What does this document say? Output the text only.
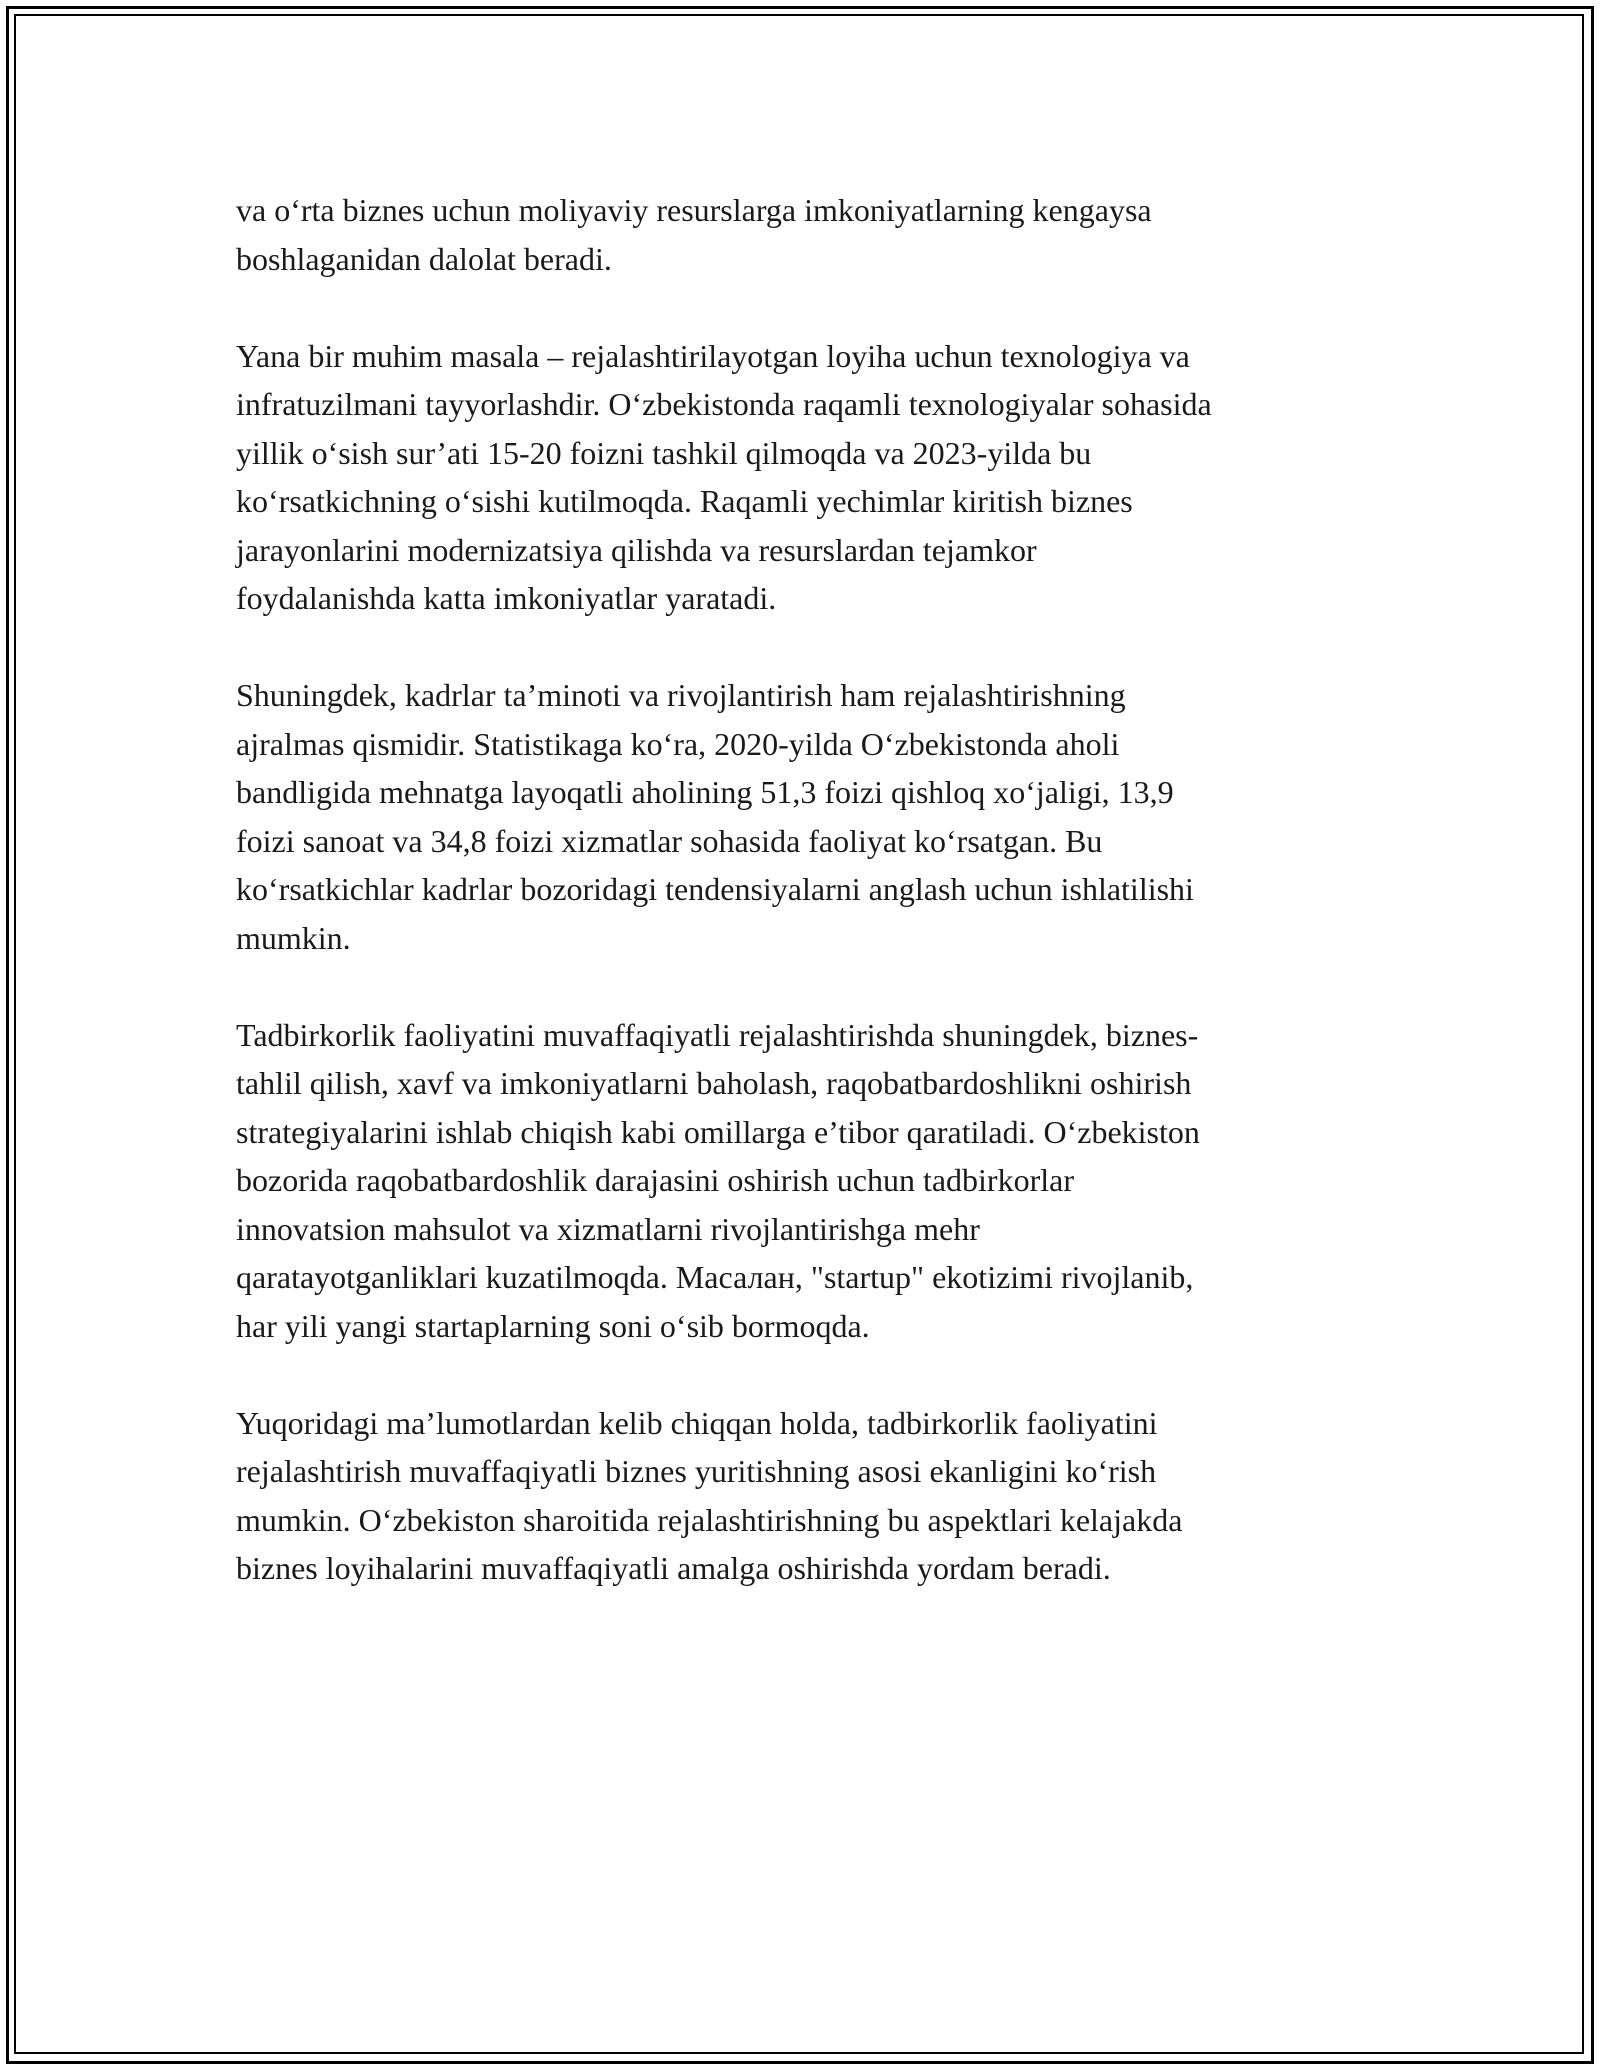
va o‘rta biznes uchun moliyaviy resurslarga imkoniyatlarning kengaysa
boshlaganidan dalolat beradi.

Yana bir muhim masala – rejalashtirilayotgan loyiha uchun texnologiya va
infratuzilmani tayyorlashdir. O‘zbekistonda raqamli texnologiyalar sohasida
yillik o‘sish sur’ati 15-20 foizni tashkil qilmoqda va 2023-yilda bu
ko‘rsatkichning o‘sishi kutilmoqda. Raqamli yechimlar kiritish biznes
jarayonlarini modernizatsiya qilishda va resurslardan tejamkor
foydalanishda katta imkoniyatlar yaratadi.

Shuningdek, kadrlar ta’minoti va rivojlantirish ham rejalashtirishning
ajralmas qismidir. Statistikaga ko‘ra, 2020-yilda O‘zbekistonda aholi
bandligida mehnatga layoqatli aholining 51,3 foizi qishloq xo‘jaligi, 13,9
foizi sanoat va 34,8 foizi xizmatlar sohasida faoliyat ko‘rsatgan. Bu
ko‘rsatkichlar kadrlar bozoridagi tendensiyalarni anglash uchun ishlatilishi
mumkin.

Tadbirkorlik faoliyatini muvaffaqiyatli rejalashtirishda shuningdek, biznes-
tahlil qilish, xavf va imkoniyatlarni baholash, raqobatbardoshlikni oshirish
strategiyalarini ishlab chiqish kabi omillarga e’tibor qaratiladi. O‘zbekiston
bozorida raqobatbardoshlik darajasini oshirish uchun tadbirkorlar
innovatsion mahsulot va xizmatlarni rivojlantirishga mehr
qaratayotganliklari kuzatilmoqda. Масалан, "startup" ekotizimi rivojlanib,
har yili yangi startaplarning soni o‘sib bormoqda.

Yuqoridagi ma’lumotlardan kelib chiqqan holda, tadbirkorlik faoliyatini
rejalashtirish muvaffaqiyatli biznes yuritishning asosi ekanligini ko‘rish
mumkin. O‘zbekiston sharoitida rejalashtirishning bu aspektlari kelajakda
biznes loyihalarini muvaffaqiyatli amalga oshirishda yordam beradi.
